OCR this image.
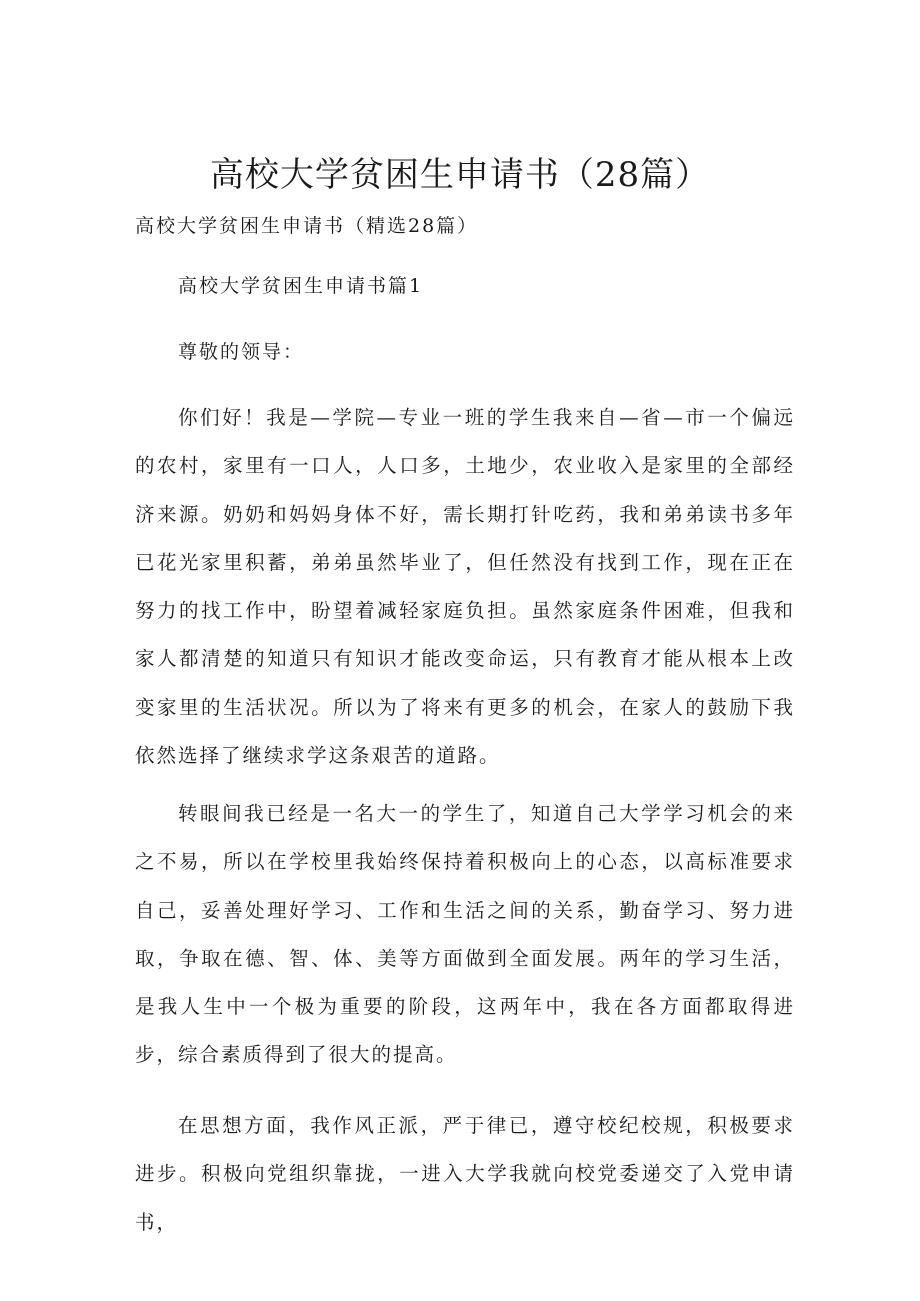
高校大学贫困生申请书（28篇）

高校大学贫困生申请书（精选28篇）

高校大学贫困生申请书篇1

尊敬的领导：

你们好！我是—学院—专业一班的学生我来自—省—市一个偏远的农村，家里有一口人，人口多，土地少，农业收入是家里的全部经济来源。奶奶和妈妈身体不好，需长期打针吃药，我和弟弟读书多年已花光家里积蓄，弟弟虽然毕业了，但任然没有找到工作，现在正在努力的找工作中，盼望着减轻家庭负担。虽然家庭条件困难，但我和家人都清楚的知道只有知识才能改变命运，只有教育才能从根本上改变家里的生活状况。所以为了将来有更多的机会，在家人的鼓励下我依然选择了继续求学这条艰苦的道路。

转眼间我已经是一名大一的学生了，知道自己大学学习机会的来之不易，所以在学校里我始终保持着积极向上的心态，以高标准要求自己，妥善处理好学习、工作和生活之间的关系，勤奋学习、努力进取，争取在德、智、体、美等方面做到全面发展。两年的学习生活，是我人生中一个极为重要的阶段，这两年中，我在各方面都取得进步，综合素质得到了很大的提高。

在思想方面，我作风正派，严于律已，遵守校纪校规，积极要求进步。积极向党组织靠拢，一进入大学我就向校党委递交了入党申请书，
